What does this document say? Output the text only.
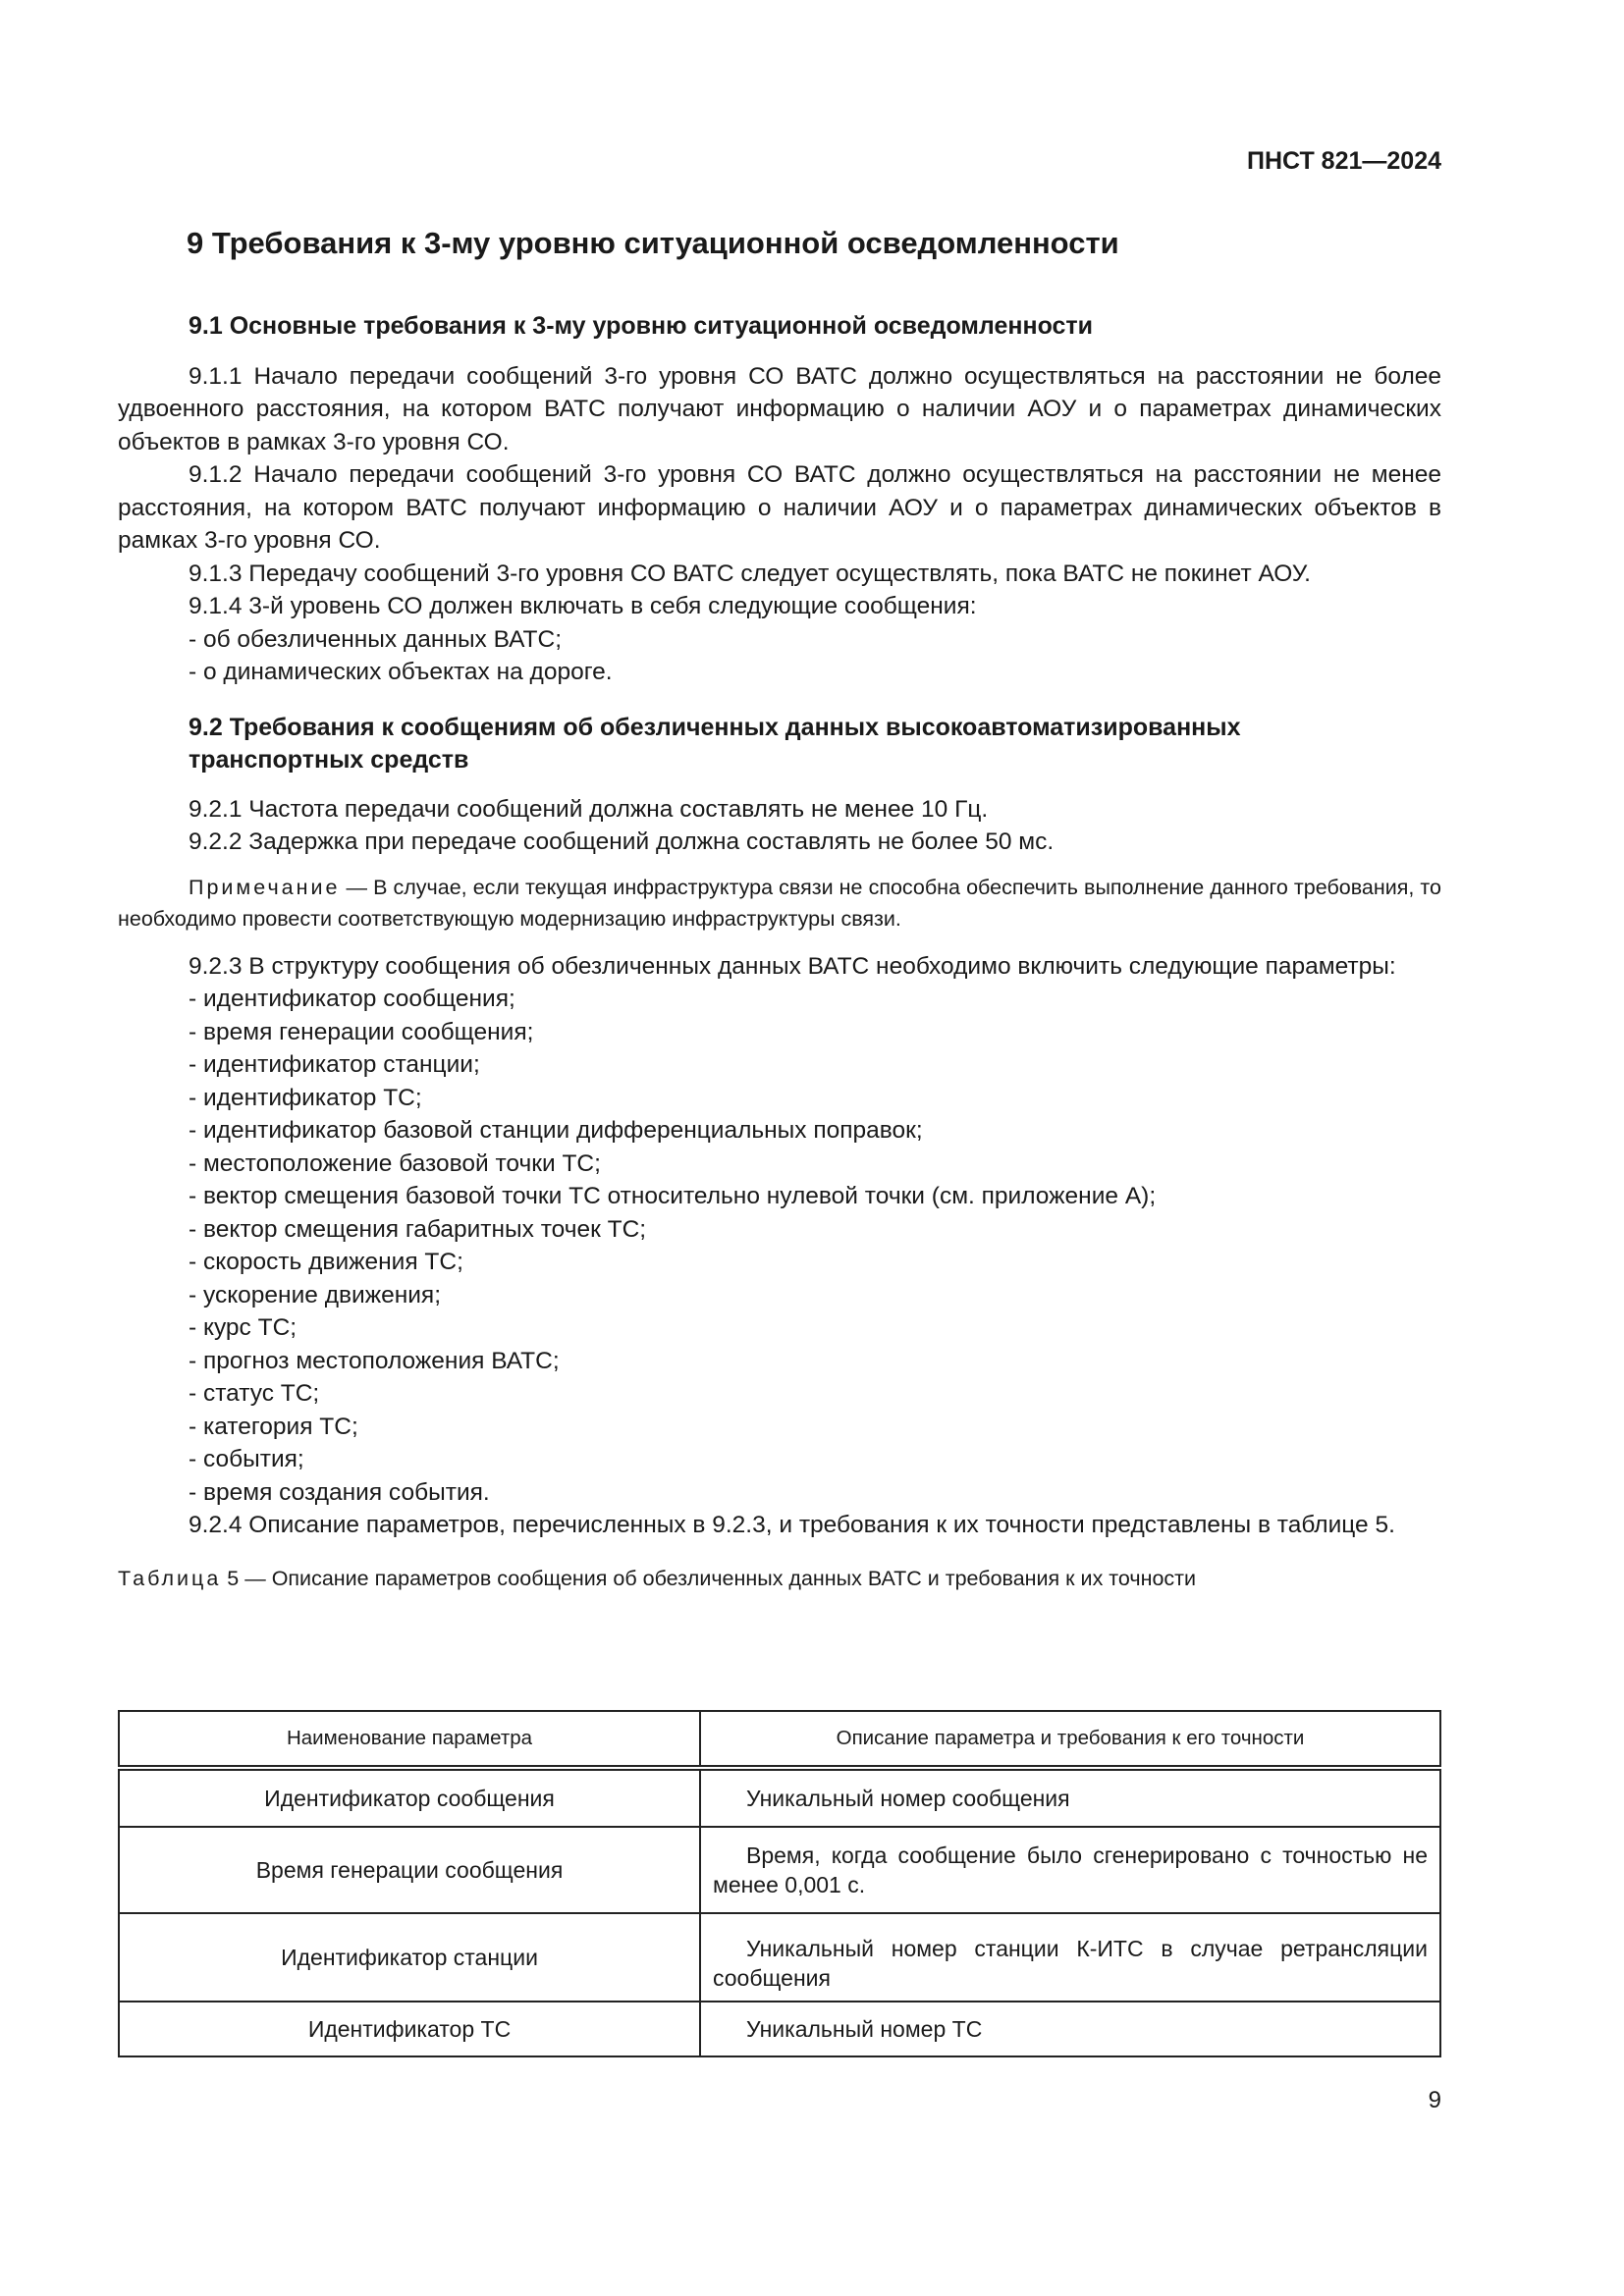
ПНСТ 821—2024
9 Требования к 3-му уровню ситуационной осведомленности
9.1 Основные требования к 3-му уровню ситуационной осведомленности

9.1.1 Начало передачи сообщений 3-го уровня СО ВАТС должно осуществляться на расстоянии не более удвоенного расстояния, на котором ВАТС получают информацию о наличии АОУ и о параметрах динамических объектов в рамках 3-го уровня СО.

9.1.2 Начало передачи сообщений 3-го уровня СО ВАТС должно осуществляться на расстоянии не менее расстояния, на котором ВАТС получают информацию о наличии АОУ и о параметрах динамических объектов в рамках 3-го уровня СО.

9.1.3 Передачу сообщений 3-го уровня СО ВАТС следует осуществлять, пока ВАТС не покинет АОУ.

9.1.4 3-й уровень СО должен включать в себя следующие сообщения:

- об обезличенных данных ВАТС;

- о динамических объектах на дороге.

9.2 Требования к сообщениям об обезличенных данных высокоавтоматизированных транспортных средств

9.2.1 Частота передачи сообщений должна составлять не менее 10 Гц.

9.2.2 Задержка при передаче сообщений должна составлять не более 50 мс.

Примечание — В случае, если текущая инфраструктура связи не способна обеспечить выполнение данного требования, то необходимо провести соответствующую модернизацию инфраструктуры связи.

9.2.3 В структуру сообщения об обезличенных данных ВАТС необходимо включить следующие параметры:

- идентификатор сообщения;

- время генерации сообщения;

- идентификатор станции;

- идентификатор ТС;

- идентификатор базовой станции дифференциальных поправок;

- местоположение базовой точки ТС;

- вектор смещения базовой точки ТС относительно нулевой точки (см. приложение А);

- вектор смещения габаритных точек ТС;

- скорость движения ТС;

- ускорение движения;

- курс ТС;

- прогноз местоположения ВАТС;

- статус ТС;

- категория ТС;

- события;

- время создания события.

9.2.4 Описание параметров, перечисленных в 9.2.3, и требования к их точности представлены в таблице 5.

Таблица 5 — Описание параметров сообщения об обезличенных данных ВАТС и требования к их точности
Наименование параметра	Описание параметра и требования к его точности
Идентификатор сообщения	Уникальный номер сообщения

Время генерации сообщения	Время, когда сообщение было сгенерировано с точностью не менее 0,001 с.

Идентификатор станции	Уникальный номер станции К-ИТС в случае ретрансляции сообщения

Идентификатор ТС	Уникальный номер ТС
9
